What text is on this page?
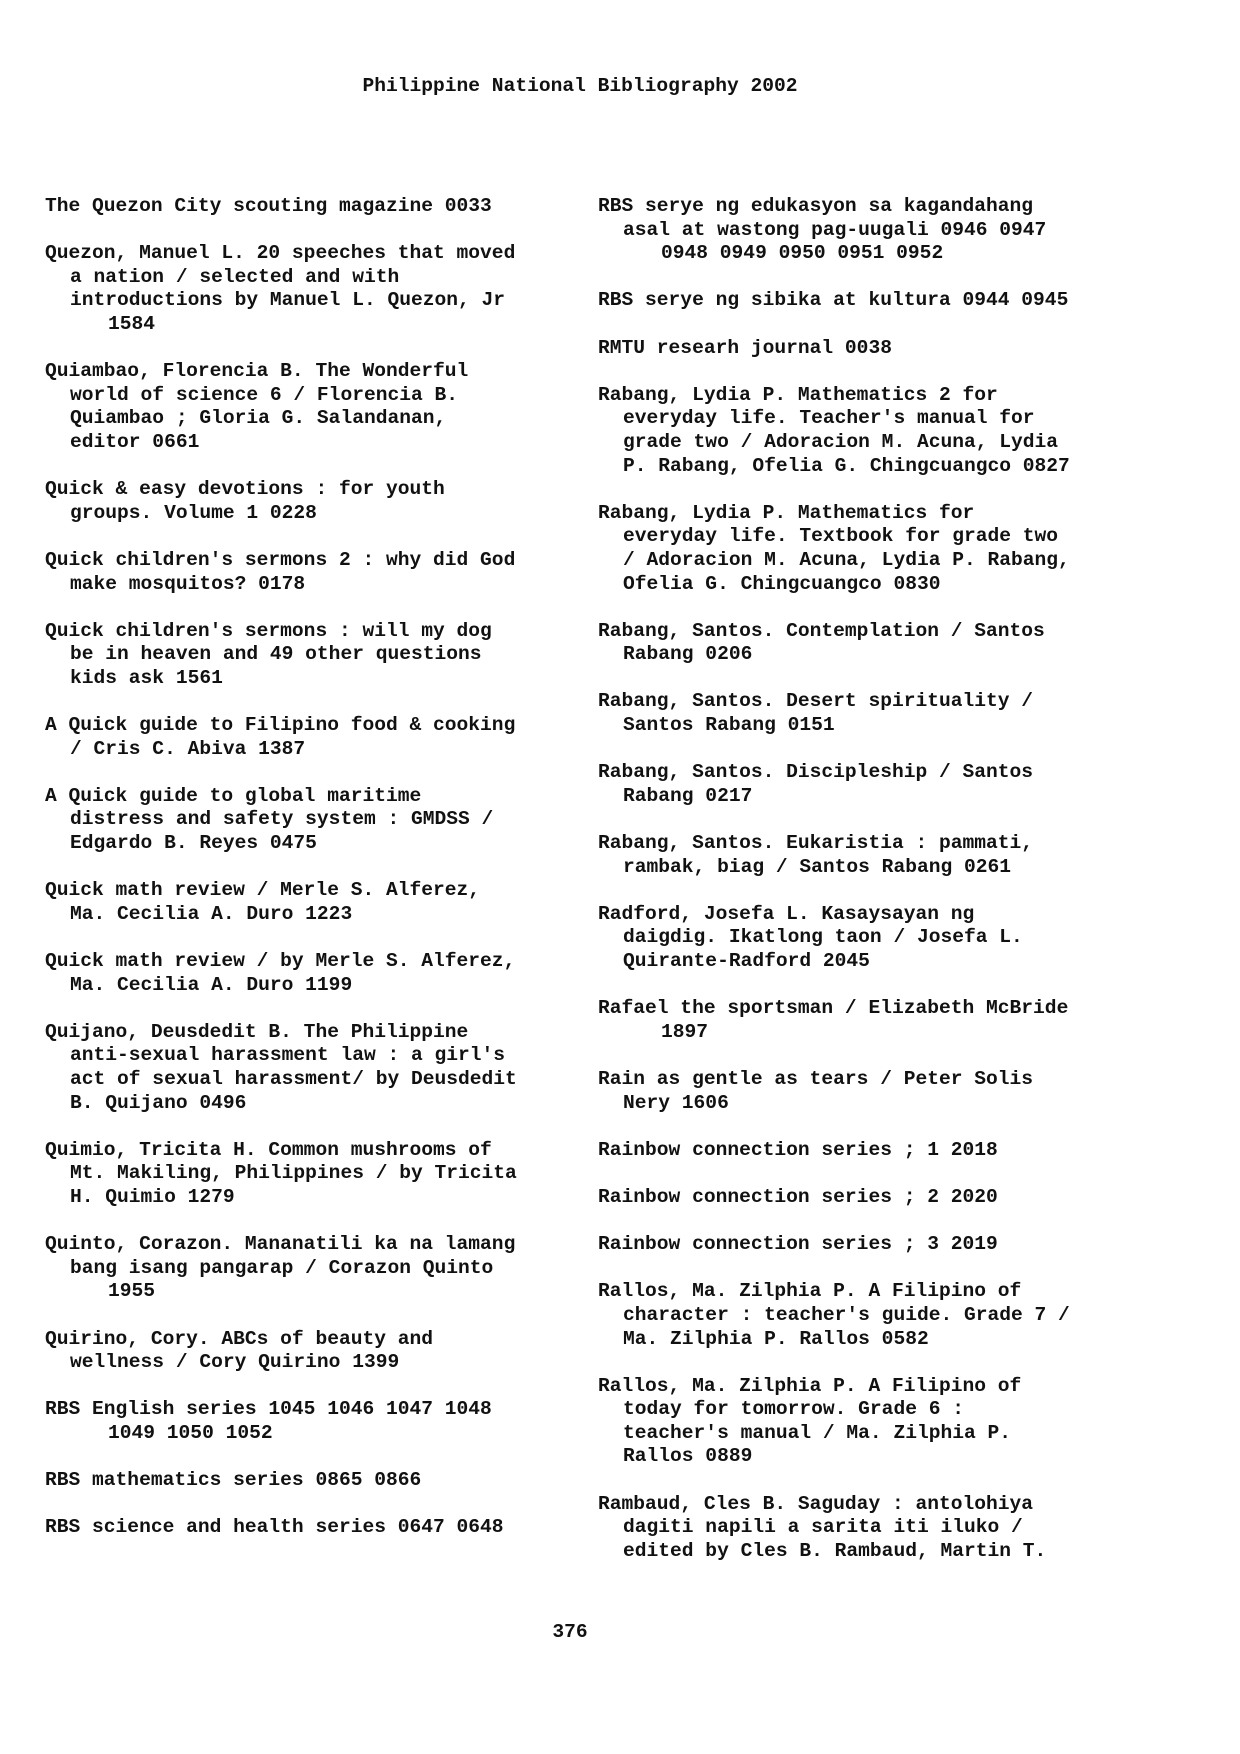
Philippine National Bibliography 2002
The Quezon City scouting magazine 0033
Quezon, Manuel L. 20 speeches that moved
a nation / selected and with
introductions by Manuel L. Quezon, Jr
1584
Quiambao, Florencia B. The Wonderful
world of science 6 / Florencia B.
Quiambao ; Gloria G. Salandanan,
editor 0661
Quick & easy devotions : for youth
groups. Volume 1 0228
Quick children's sermons 2 : why did God
make mosquitos? 0178
Quick children's sermons : will my dog
be in heaven and 49 other questions
kids ask 1561
A Quick guide to Filipino food & cooking
/ Cris C. Abiva 1387
A Quick guide to global maritime
distress and safety system : GMDSS /
Edgardo B. Reyes 0475
Quick math review / Merle S. Alferez,
Ma. Cecilia A. Duro 1223
Quick math review / by Merle S. Alferez,
Ma. Cecilia A. Duro 1199
Quijano, Deusdedit B. The Philippine
anti-sexual harassment law : a girl's
act of sexual harassment/ by Deusdedit
B. Quijano 0496
Quimio, Tricita H. Common mushrooms of
Mt. Makiling, Philippines / by Tricita
H. Quimio 1279
Quinto, Corazon. Mananatili ka na lamang
bang isang pangarap / Corazon Quinto
1955
Quirino, Cory. ABCs of beauty and
wellness / Cory Quirino 1399
RBS English series 1045 1046 1047 1048
1049 1050 1052
RBS mathematics series 0865 0866
RBS science and health series 0647 0648
RBS serye ng edukasyon sa kagandahang
asal at wastong pag-uugali 0946 0947
0948 0949 0950 0951 0952
RBS serye ng sibika at kultura 0944 0945
RMTU researh journal 0038
Rabang, Lydia P. Mathematics 2 for
everyday life. Teacher's manual for
grade two / Adoracion M. Acuna, Lydia
P. Rabang, Ofelia G. Chingcuangco 0827
Rabang, Lydia P. Mathematics for
everyday life. Textbook for grade two
/ Adoracion M. Acuna, Lydia P. Rabang,
Ofelia G. Chingcuangco 0830
Rabang, Santos. Contemplation / Santos
Rabang 0206
Rabang, Santos. Desert spirituality /
Santos Rabang 0151
Rabang, Santos. Discipleship / Santos
Rabang 0217
Rabang, Santos. Eukaristia : pammati,
rambak, biag / Santos Rabang 0261
Radford, Josefa L. Kasaysayan ng
daigdig. Ikatlong taon / Josefa L.
Quirante-Radford 2045
Rafael the sportsman / Elizabeth McBride
1897
Rain as gentle as tears / Peter Solis
Nery 1606
Rainbow connection series ; 1 2018
Rainbow connection series ; 2 2020
Rainbow connection series ; 3 2019
Rallos, Ma. Zilphia P. A Filipino of
character : teacher's guide. Grade 7 /
Ma. Zilphia P. Rallos 0582
Rallos, Ma. Zilphia P. A Filipino of
today for tomorrow. Grade 6 :
teacher's manual / Ma. Zilphia P.
Rallos 0889
Rambaud, Cles B. Saguday : antolohiya
dagiti napili a sarita iti iluko /
edited by Cles B. Rambaud, Martin T.
376
